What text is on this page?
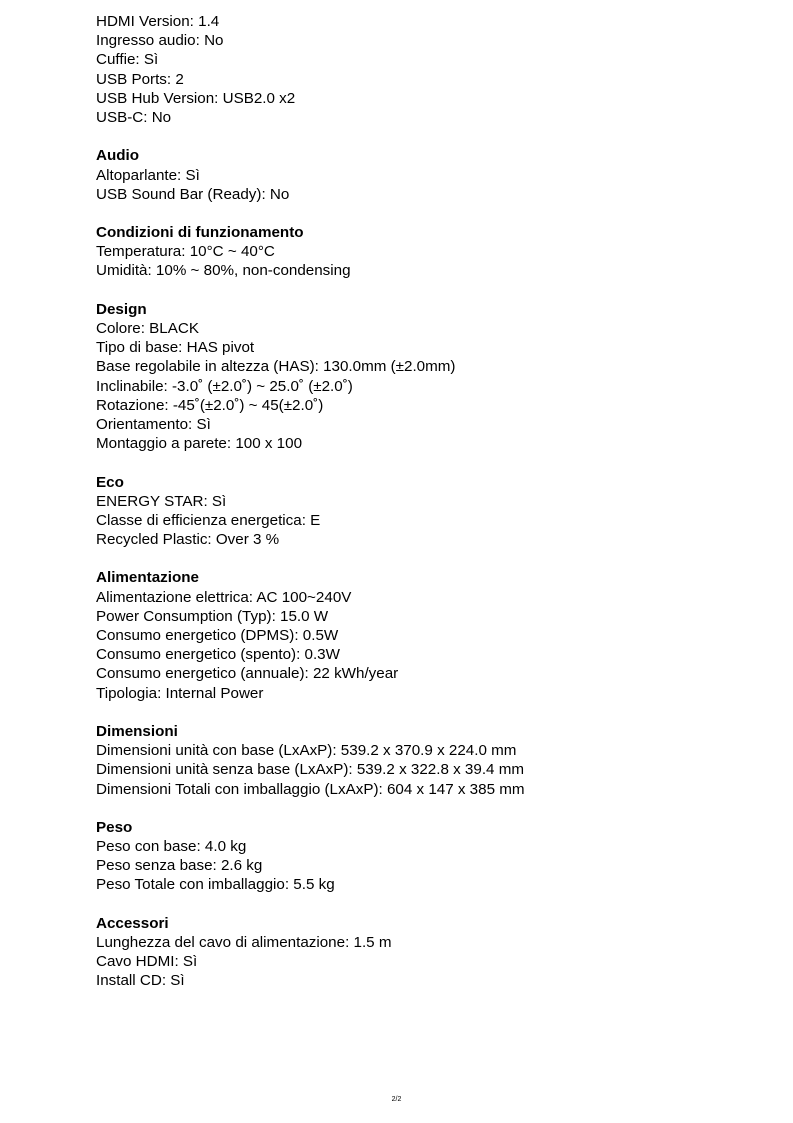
HDMI Version: 1.4
Ingresso audio: No
Cuffie: Sì
USB Ports: 2
USB Hub Version: USB2.0 x2
USB-C: No
Audio
Altoparlante: Sì
USB Sound Bar (Ready): No
Condizioni di funzionamento
Temperatura: 10°C ~ 40°C
Umidità: 10% ~ 80%, non-condensing
Design
Colore: BLACK
Tipo di base: HAS pivot
Base regolabile in altezza (HAS): 130.0mm (±2.0mm)
Inclinabile: -3.0˚ (±2.0˚) ~ 25.0˚ (±2.0˚)
Rotazione: -45˚(±2.0˚) ~ 45(±2.0˚)
Orientamento: Sì
Montaggio a parete: 100 x 100
Eco
ENERGY STAR: Sì
Classe di efficienza energetica: E
Recycled Plastic: Over 3 %
Alimentazione
Alimentazione elettrica: AC 100~240V
Power Consumption (Typ): 15.0 W
Consumo energetico (DPMS): 0.5W
Consumo energetico (spento): 0.3W
Consumo energetico (annuale): 22 kWh/year
Tipologia: Internal Power
Dimensioni
Dimensioni unità con base (LxAxP): 539.2 x 370.9 x 224.0 mm
Dimensioni unità senza base (LxAxP): 539.2 x 322.8 x 39.4 mm
Dimensioni Totali con imballaggio (LxAxP): 604 x 147 x 385 mm
Peso
Peso con base: 4.0 kg
Peso senza base: 2.6 kg
Peso Totale con imballaggio: 5.5 kg
Accessori
Lunghezza del cavo di alimentazione: 1.5 m
Cavo HDMI: Sì
Install CD: Sì
2/2
